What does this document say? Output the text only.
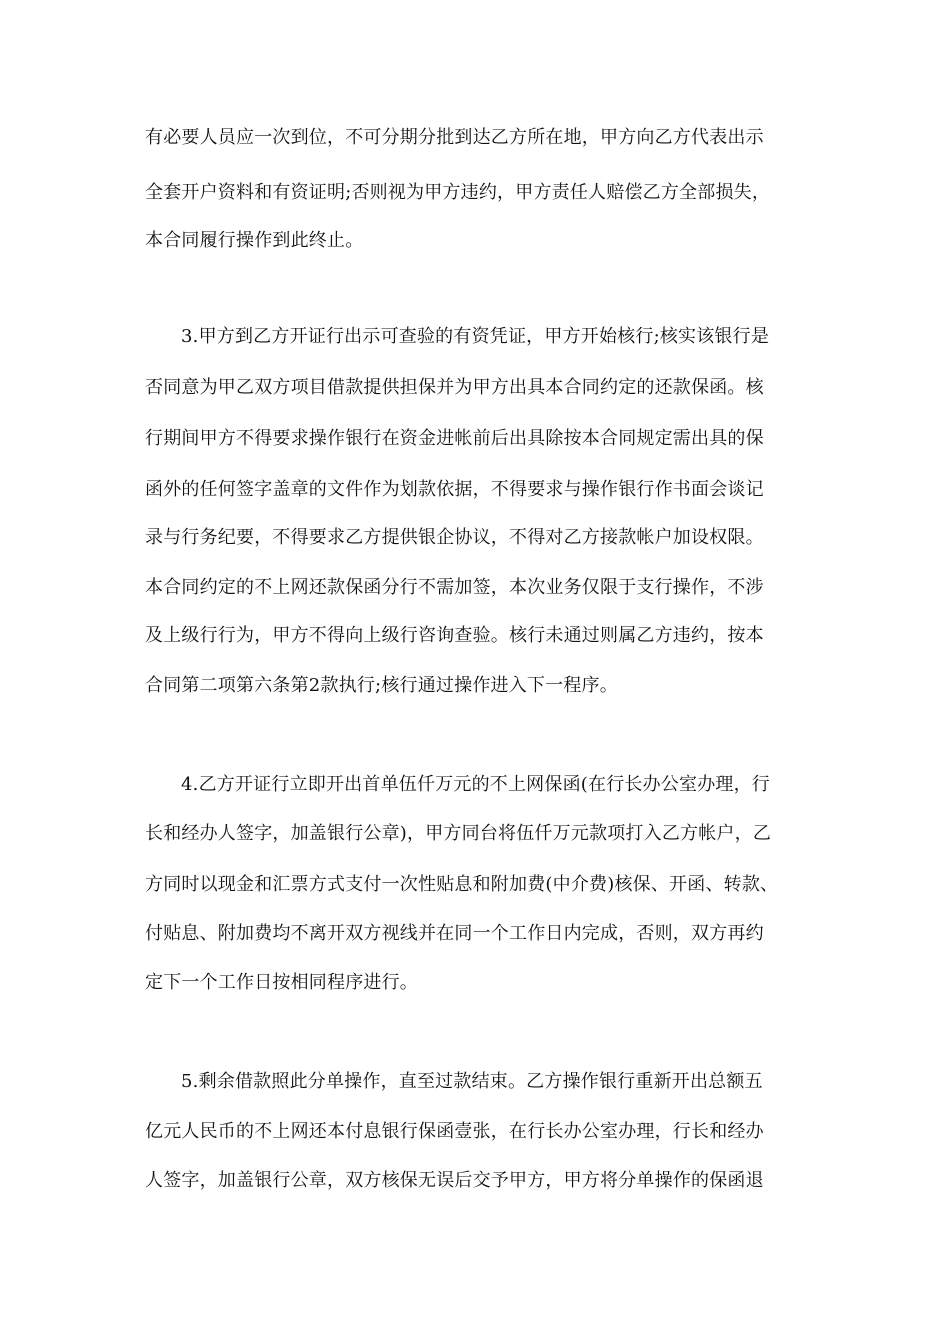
有必要人员应一次到位，不可分期分批到达乙方所在地，甲方向乙方代表出示
全套开户资料和有资证明;否则视为甲方违约，甲方责任人赔偿乙方全部损失，
本合同履行操作到此终止。
3.甲方到乙方开证行出示可查验的有资凭证，甲方开始核行;核实该银行是
否同意为甲乙双方项目借款提供担保并为甲方出具本合同约定的还款保函。核
行期间甲方不得要求操作银行在资金进帐前后出具除按本合同规定需出具的保
函外的任何签字盖章的文件作为划款依据，不得要求与操作银行作书面会谈记
录与行务纪要，不得要求乙方提供银企协议，不得对乙方接款帐户加设权限。
本合同约定的不上网还款保函分行不需加签，本次业务仅限于支行操作，不涉
及上级行行为，甲方不得向上级行咨询查验。核行未通过则属乙方违约，按本
合同第二项第六条第2款执行;核行通过操作进入下一程序。
4.乙方开证行立即开出首单伍仟万元的不上网保函(在行长办公室办理，行
长和经办人签字，加盖银行公章)，甲方同台将伍仟万元款项打入乙方帐户，乙
方同时以现金和汇票方式支付一次性贴息和附加费(中介费)核保、开函、转款、
付贴息、附加费均不离开双方视线并在同一个工作日内完成，否则，双方再约
定下一个工作日按相同程序进行。
5.剩余借款照此分单操作，直至过款结束。乙方操作银行重新开出总额五
亿元人民币的不上网还本付息银行保函壹张，在行长办公室办理，行长和经办
人签字，加盖银行公章，双方核保无误后交予甲方，甲方将分单操作的保函退
